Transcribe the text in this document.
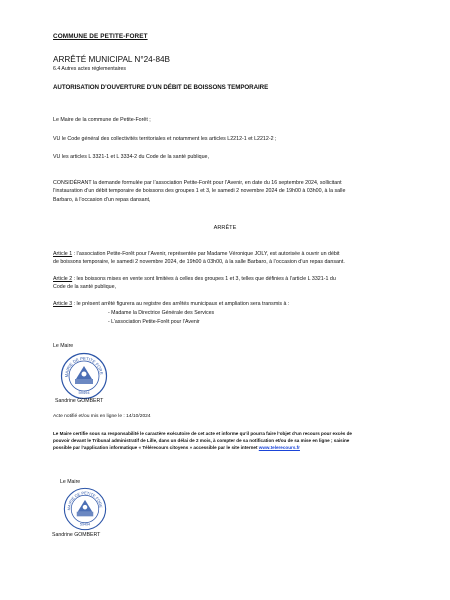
COMMUNE DE PETITE-FORET
ARRÊTÉ MUNICIPAL N°24-84B
6.4 Autres actes réglementaires
AUTORISATION D’OUVERTURE D’UN DÉBIT DE BOISSONS TEMPORAIRE
Le Maire de la commune de Petite-Forêt ;
VU le Code général des collectivités territoriales et notamment les articles L2212-1 et L2212-2 ;
VU les articles L 3321-1 et L 3334-2 du Code de la santé publique,
CONSIDÉRANT la demande formulée par l’association Petite-Forêt pour l’Avenir, en date du 16 septembre 2024, sollicitant
l’instauration d’un débit temporaire de boissons des groupes 1 et 3, le samedi 2 novembre 2024 de 19h00 à 03h00, à la salle
Barbaro, à l’occasion d’un repas dansant,
ARRÊTE
Article 1 : l’association Petite-Forêt pour l’Avenir, représentée par Madame Véronique JOLY, est autorisée à ouvrir un débit
de boissons temporaire, le samedi 2 novembre 2024, de 19h00 à 03h00, à la salle Barbaro, à l’occasion d’un repas dansant.
Article 2 : les boissons mises en vente sont limitées à celles des groupes 1 et 3, telles que définies à l’article L 3321-1 du
Code de la santé publique,
Article 3 : le présent arrêté figurera au registre des arrêtés municipaux et ampliation sera transmis à :
- Madame la Directrice Générale des Services
- L’association Petite-Forêt pour l’Avenir
Le Maire
MAIRIE DE PETITE FORE
59494
Sandrine GOMBERT
Acte notifié et/ou mis en ligne le : 14/10/2024
Le Maire certifie sous sa responsabilité le caractère exécutoire de cet acte et informe qu’il pourra faire l’objet d’un recours pour excès de
pouvoir devant le Tribunal administratif de Lille, dans un délai de 2 mois, à compter de sa notification et/ou de sa mise en ligne ; saisine
possible par l’application informatique « Télérecours citoyens » accessible par le site internet www.telerecours.fr
Le Maire
MAIRIE DE PETITE FORE
59494
Sandrine GOMBERT
